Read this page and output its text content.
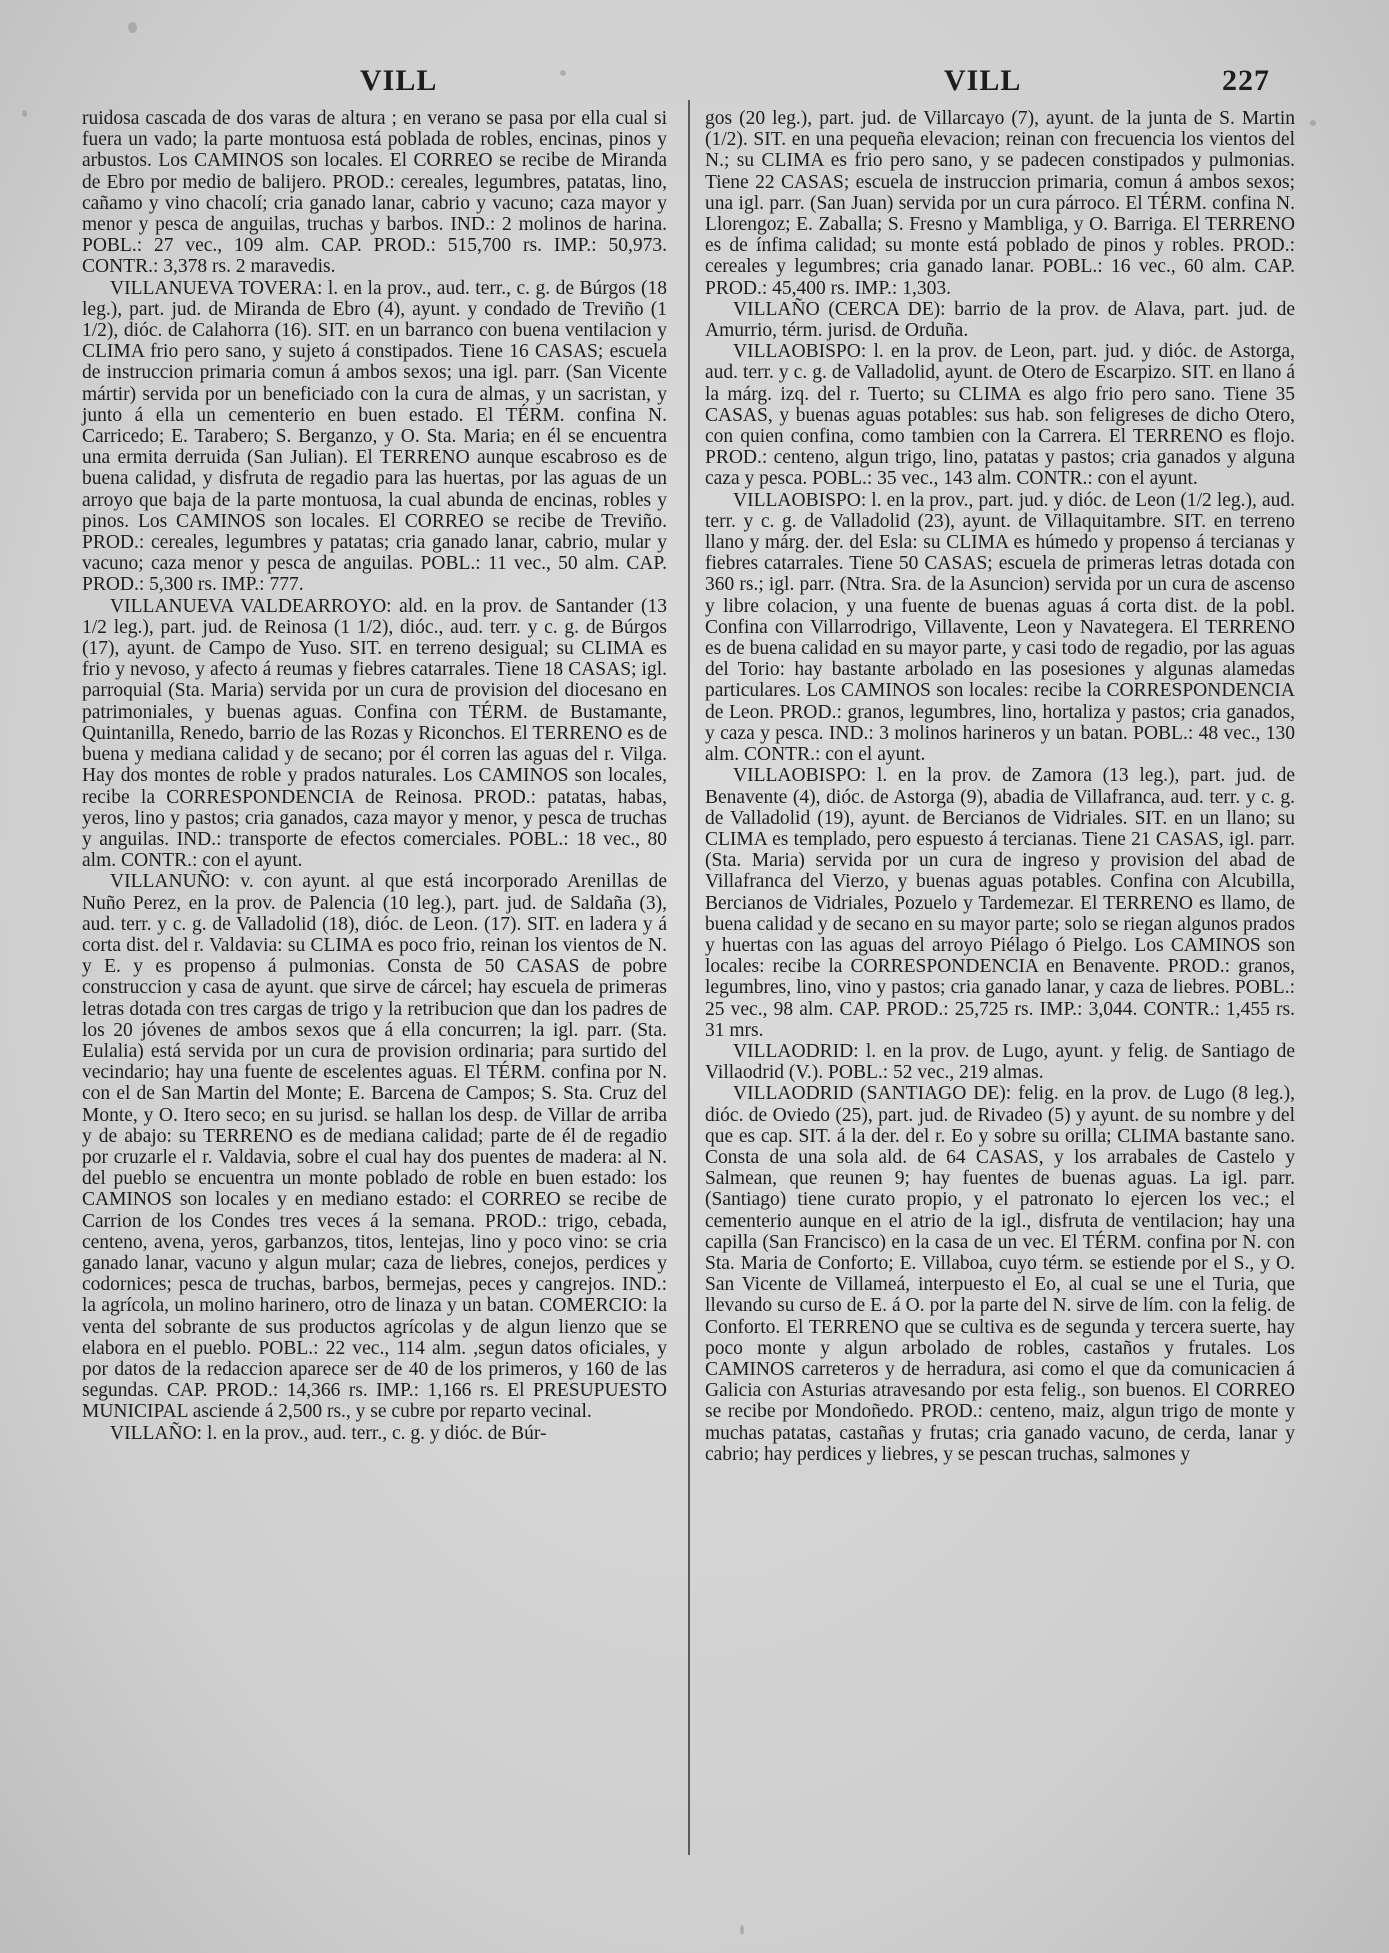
VILL	VILL	227

ruidosa cascada de dos varas de altura ; en verano se pasa por ella cual si fuera un vado; la parte montuosa está poblada de robles, encinas, pinos y arbustos. Los CAMINOS son locales. El CORREO se recibe de Miranda de Ebro por medio de balijero. PROD.: cereales, legumbres, patatas, lino, cañamo y vino chacolí; cria ganado lanar, cabrio y vacuno; caza mayor y menor y pesca de anguilas, truchas y barbos. IND.: 2 molinos de harina. POBL.: 27 vec., 109 alm. CAP. PROD.: 515,700 rs. IMP.: 50,973. CONTR.: 3,378 rs. 2 maravedis.

VILLANUEVA TOVERA: l. en la prov., aud. terr., c. g. de Búrgos (18 leg.), part. jud. de Miranda de Ebro (4), ayunt. y condado de Treviño (1 1/2), dióc. de Calahorra (16). SIT. en un barranco con buena ventilacion y CLIMA frio pero sano, y sujeto á constipados. Tiene 16 CASAS; escuela de instruccion primaria comun á ambos sexos; una igl. parr. (San Vicente mártir) servida por un beneficiado con la cura de almas, y un sacristan, y junto á ella un cementerio en buen estado. El TÉRM. confina N. Carricedo; E. Tarabero; S. Berganzo, y O. Sta. Maria; en él se encuentra una ermita derruida (San Julian). El TERRENO aunque escabroso es de buena calidad, y disfruta de regadio para las huertas, por las aguas de un arroyo que baja de la parte montuosa, la cual abunda de encinas, robles y pinos. Los CAMINOS son locales. El CORREO se recibe de Treviño. PROD.: cereales, legumbres y patatas; cria ganado lanar, cabrio, mular y vacuno; caza menor y pesca de anguilas. POBL.: 11 vec., 50 alm. CAP. PROD.: 5,300 rs. IMP.: 777.

VILLANUEVA VALDEARROYO: ald. en la prov. de Santander (13 1/2 leg.), part. jud. de Reinosa (1 1/2), dióc., aud. terr. y c. g. de Búrgos (17), ayunt. de Campo de Yuso. SIT. en terreno desigual; su CLIMA es frio y nevoso, y afecto á reumas y fiebres catarrales. Tiene 18 CASAS; igl. parroquial (Sta. Maria) servida por un cura de provision del diocesano en patrimoniales, y buenas aguas. Confina con TÉRM. de Bustamante, Quintanilla, Renedo, barrio de las Rozas y Riconchos. El TERRENO es de buena y mediana calidad y de secano; por él corren las aguas del r. Vilga. Hay dos montes de roble y prados naturales. Los CAMINOS son locales, recibe la CORRESPONDENCIA de Reinosa. PROD.: patatas, habas, yeros, lino y pastos; cria ganados, caza mayor y menor, y pesca de truchas y anguilas. IND.: transporte de efectos comerciales. POBL.: 18 vec., 80 alm. CONTR.: con el ayunt.

VILLANUÑO: v. con ayunt. al que está incorporado Arenillas de Nuño Perez, en la prov. de Palencia (10 leg.), part. jud. de Saldaña (3), aud. terr. y c. g. de Valladolid (18), dióc. de Leon. (17). SIT. en ladera y á corta dist. del r. Valdavia: su CLIMA es poco frio, reinan los vientos de N. y E. y es propenso á pulmonias. Consta de 50 CASAS de pobre construccion y casa de ayunt. que sirve de cárcel; hay escuela de primeras letras dotada con tres cargas de trigo y la retribucion que dan los padres de los 20 jóvenes de ambos sexos que á ella concurren; la igl. parr. (Sta. Eulalia) está servida por un cura de provision ordinaria; para surtido del vecindario; hay una fuente de escelentes aguas. El TÉRM. confina por N. con el de San Martin del Monte; E. Barcena de Campos; S. Sta. Cruz del Monte, y O. Itero seco; en su jurisd. se hallan los desp. de Villar de arriba y de abajo: su TERRENO es de mediana calidad; parte de él de regadio por cruzarle el r. Valdavia, sobre el cual hay dos puentes de madera: al N. del pueblo se encuentra un monte poblado de roble en buen estado: los CAMINOS son locales y en mediano estado: el CORREO se recibe de Carrion de los Condes tres veces á la semana. PROD.: trigo, cebada, centeno, avena, yeros, garbanzos, titos, lentejas, lino y poco vino: se cria ganado lanar, vacuno y algun mular; caza de liebres, conejos, perdices y codornices; pesca de truchas, barbos, bermejas, peces y cangrejos. IND.: la agrícola, un molino harinero, otro de linaza y un batan. COMERCIO: la venta del sobrante de sus productos agrícolas y de algun lienzo que se elabora en el pueblo. POBL.: 22 vec., 114 alm. ,segun datos oficiales, y por datos de la redaccion aparece ser de 40 de los primeros, y 160 de las segundas. CAP. PROD.: 14,366 rs. IMP.: 1,166 rs. El PRESUPUESTO MUNICIPAL asciende á 2,500 rs., y se cubre por reparto vecinal.

VILLAÑO: l. en la prov., aud. terr., c. g. y dióc. de Búr-

gos (20 leg.), part. jud. de Villarcayo (7), ayunt. de la junta de S. Martin (1/2). SIT. en una pequeña elevacion; reinan con frecuencia los vientos del N.; su CLIMA es frio pero sano, y se padecen constipados y pulmonias. Tiene 22 CASAS; escuela de instruccion primaria, comun á ambos sexos; una igl. parr. (San Juan) servida por un cura párroco. El TÉRM. confina N. Llorengoz; E. Zaballa; S. Fresno y Mambliga, y O. Barriga. El TERRENO es de ínfima calidad; su monte está poblado de pinos y robles. PROD.: cereales y legumbres; cria ganado lanar. POBL.: 16 vec., 60 alm. CAP. PROD.: 45,400 rs. IMP.: 1,303.

VILLAÑO (CERCA DE): barrio de la prov. de Alava, part. jud. de Amurrio, térm. jurisd. de Orduña.

VILLAOBISPO: l. en la prov. de Leon, part. jud. y dióc. de Astorga, aud. terr. y c. g. de Valladolid, ayunt. de Otero de Escarpizo. SIT. en llano á la márg. izq. del r. Tuerto; su CLIMA es algo frio pero sano. Tiene 35 CASAS, y buenas aguas potables: sus hab. son feligreses de dicho Otero, con quien confina, como tambien con la Carrera. El TERRENO es flojo. PROD.: centeno, algun trigo, lino, patatas y pastos; cria ganados y alguna caza y pesca. POBL.: 35 vec., 143 alm. CONTR.: con el ayunt.

VILLAOBISPO: l. en la prov., part. jud. y dióc. de Leon (1/2 leg.), aud. terr. y c. g. de Valladolid (23), ayunt. de Villaquitambre. SIT. en terreno llano y márg. der. del Esla: su CLIMA es húmedo y propenso á tercianas y fiebres catarrales. Tiene 50 CASAS; escuela de primeras letras dotada con 360 rs.; igl. parr. (Ntra. Sra. de la Asuncion) servida por un cura de ascenso y libre colacion, y una fuente de buenas aguas á corta dist. de la pobl. Confina con Villarrodrigo, Villavente, Leon y Navategera. El TERRENO es de buena calidad en su mayor parte, y casi todo de regadio, por las aguas del Torio: hay bastante arbolado en las posesiones y algunas alamedas particulares. Los CAMINOS son locales: recibe la CORRESPONDENCIA de Leon. PROD.: granos, legumbres, lino, hortaliza y pastos; cria ganados, y caza y pesca. IND.: 3 molinos harineros y un batan. POBL.: 48 vec., 130 alm. CONTR.: con el ayunt.

VILLAOBISPO: l. en la prov. de Zamora (13 leg.), part. jud. de Benavente (4), dióc. de Astorga (9), abadia de Villafranca, aud. terr. y c. g. de Valladolid (19), ayunt. de Bercianos de Vidriales. SIT. en un llano; su CLIMA es templado, pero espuesto á tercianas. Tiene 21 CASAS, igl. parr. (Sta. Maria) servida por un cura de ingreso y provision del abad de Villafranca del Vierzo, y buenas aguas potables. Confina con Alcubilla, Bercianos de Vidriales, Pozuelo y Tardemezar. El TERRENO es llamo, de buena calidad y de secano en su mayor parte; solo se riegan algunos prados y huertas con las aguas del arroyo Piélago ó Pielgo. Los CAMINOS son locales: recibe la CORRESPONDENCIA en Benavente. PROD.: granos, legumbres, lino, vino y pastos; cria ganado lanar, y caza de liebres. POBL.: 25 vec., 98 alm. CAP. PROD.: 25,725 rs. IMP.: 3,044. CONTR.: 1,455 rs. 31 mrs.

VILLAODRID: l. en la prov. de Lugo, ayunt. y felig. de Santiago de Villaodrid (V.). POBL.: 52 vec., 219 almas.

VILLAODRID (SANTIAGO DE): felig. en la prov. de Lugo (8 leg.), dióc. de Oviedo (25), part. jud. de Rivadeo (5) y ayunt. de su nombre y del que es cap. SIT. á la der. del r. Eo y sobre su orilla; CLIMA bastante sano. Consta de una sola ald. de 64 CASAS, y los arrabales de Castelo y Salmean, que reunen 9; hay fuentes de buenas aguas. La igl. parr. (Santiago) tiene curato propio, y el patronato lo ejercen los vec.; el cementerio aunque en el atrio de la igl., disfruta de ventilacion; hay una capilla (San Francisco) en la casa de un vec. El TÉRM. confina por N. con Sta. Maria de Conforto; E. Villaboa, cuyo térm. se estiende por el S., y O. San Vicente de Villameá, interpuesto el Eo, al cual se une el Turia, que llevando su curso de E. á O. por la parte del N. sirve de lím. con la felig. de Conforto. El TERRENO que se cultiva es de segunda y tercera suerte, hay poco monte y algun arbolado de robles, castaños y frutales. Los CAMINOS carreteros y de herradura, asi como el que da comunicacien á Galicia con Asturias atravesando por esta felig., son buenos. El CORREO se recibe por Mondoñedo. PROD.: centeno, maiz, algun trigo de monte y muchas patatas, castañas y frutas; cria ganado vacuno, de cerda, lanar y cabrio; hay perdices y liebres, y se pescan truchas, salmones y
